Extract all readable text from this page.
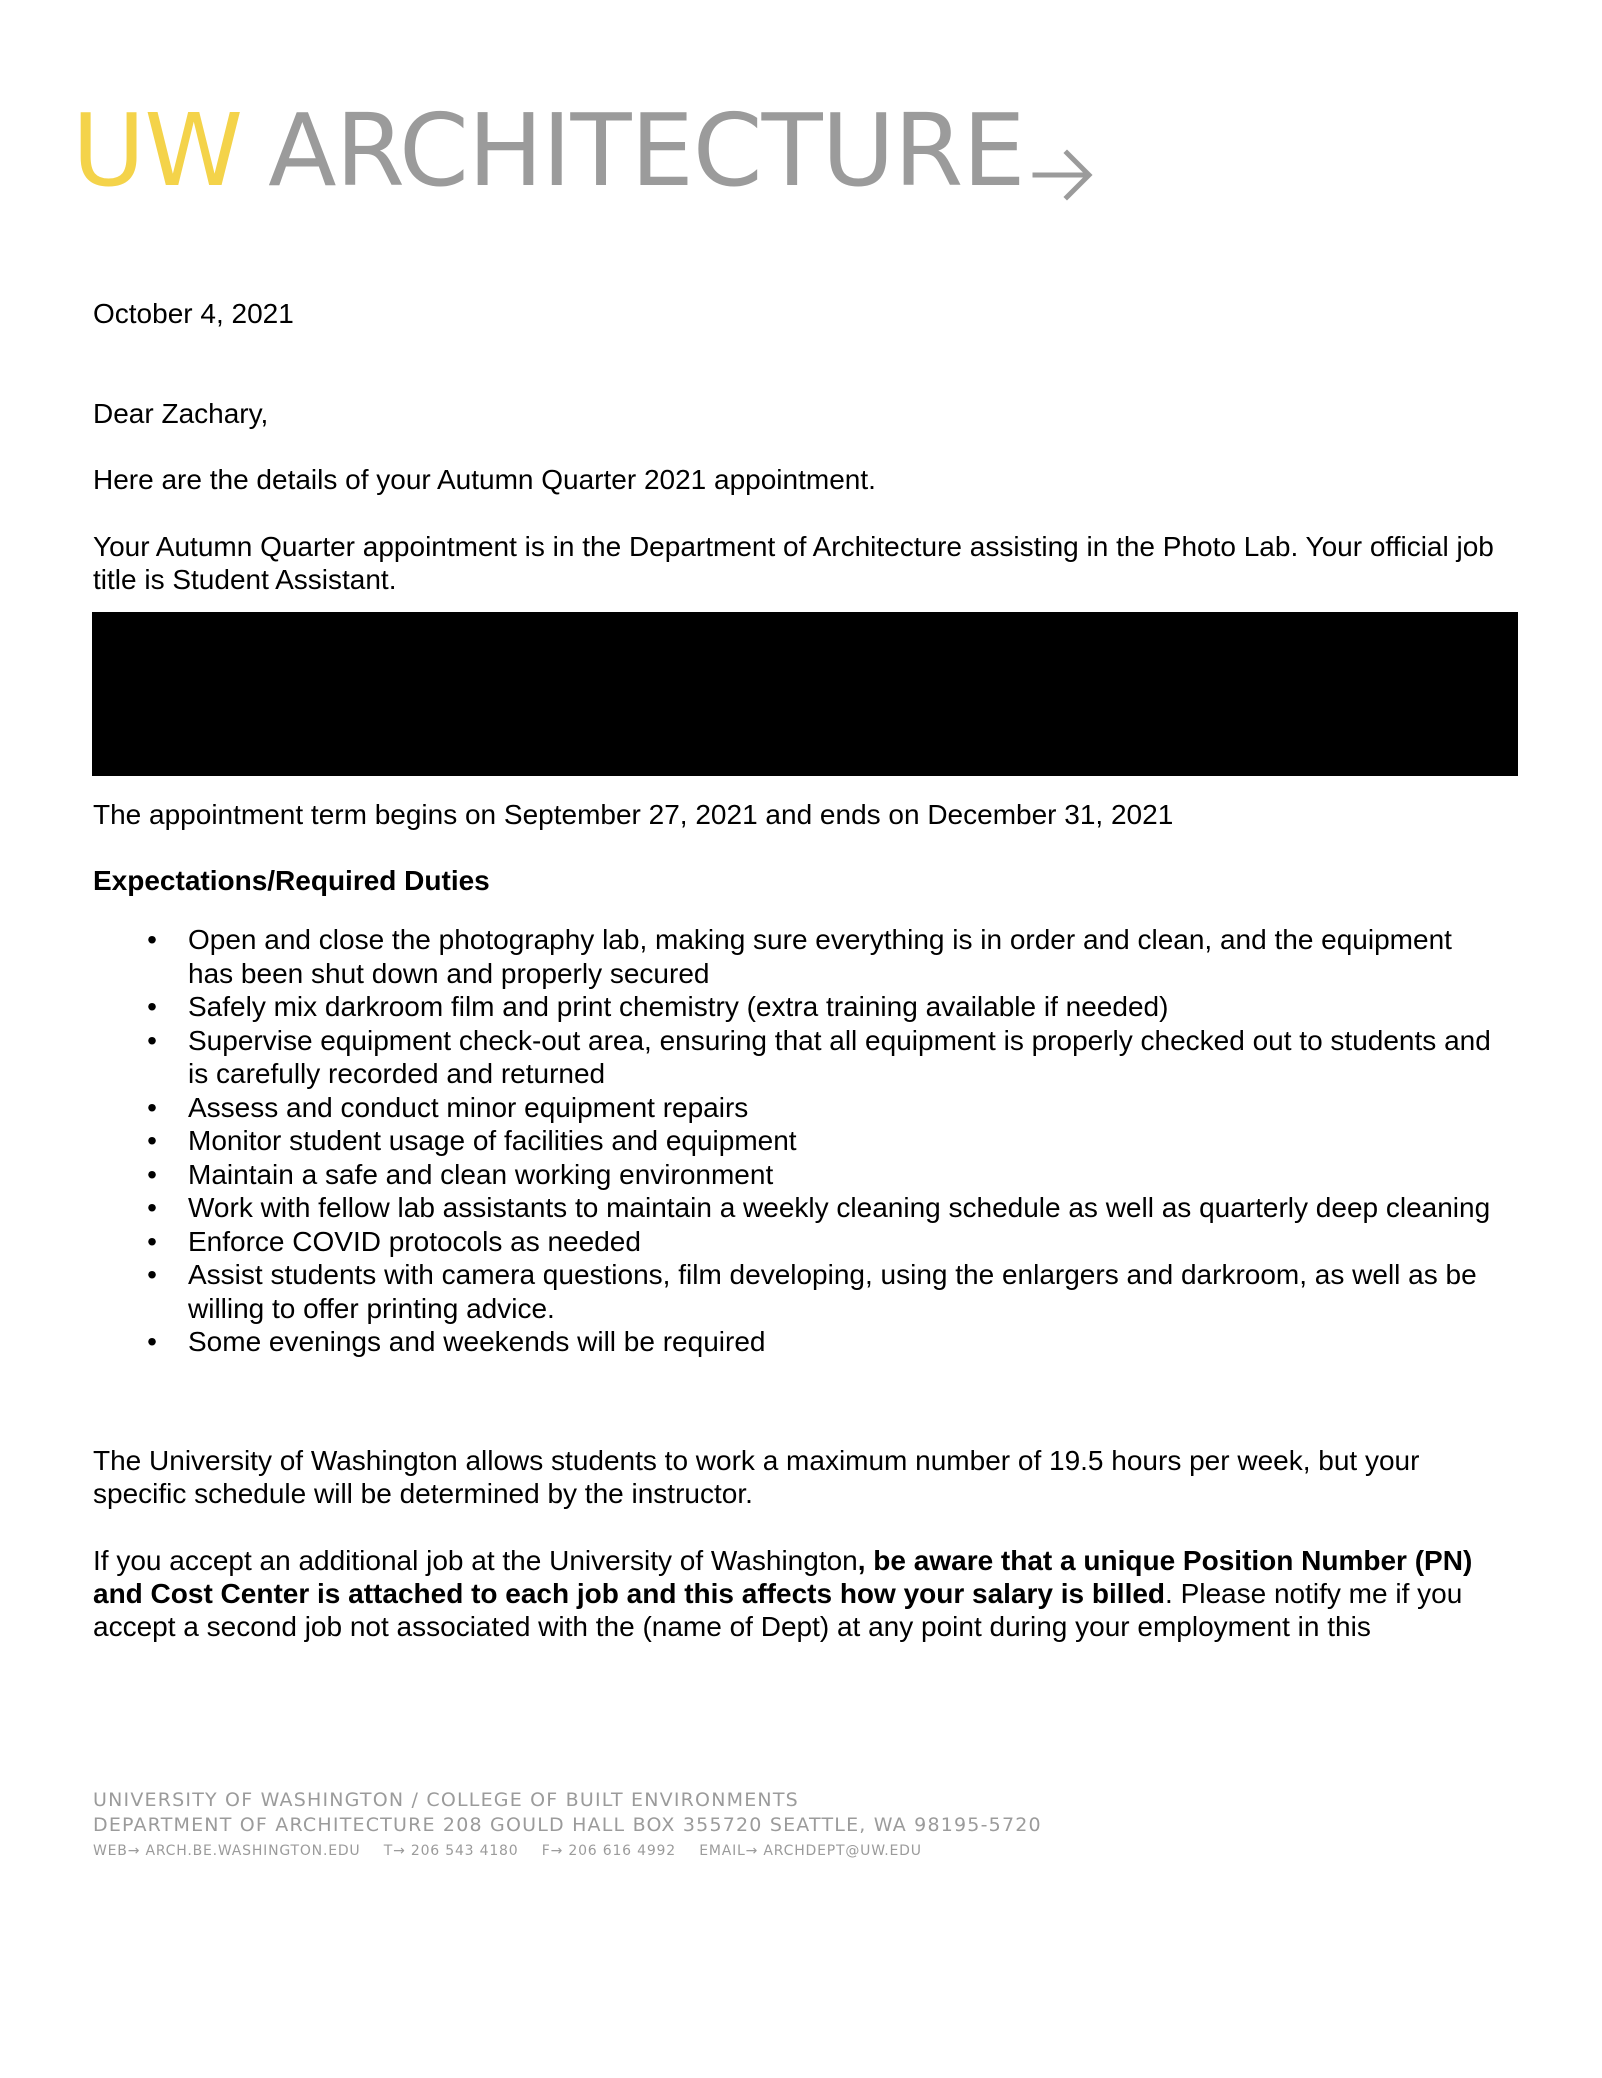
UW ARCHITECTURE
October 4, 2021
Dear Zachary,
Here are the details of your Autumn Quarter 2021 appointment.
Your Autumn Quarter appointment is in the Department of Architecture assisting in the Photo Lab. Your official job title is Student Assistant.
The appointment term begins on September 27, 2021 and ends on December 31, 2021
Expectations/Required Duties
• Open and close the photography lab, making sure everything is in order and clean, and the equipment has been shut down and properly secured
• Safely mix darkroom film and print chemistry (extra training available if needed)
• Supervise equipment check-out area, ensuring that all equipment is properly checked out to students and is carefully recorded and returned
• Assess and conduct minor equipment repairs
• Monitor student usage of facilities and equipment
• Maintain a safe and clean working environment
• Work with fellow lab assistants to maintain a weekly cleaning schedule as well as quarterly deep cleaning
• Enforce COVID protocols as needed
• Assist students with camera questions, film developing, using the enlargers and darkroom, as well as be willing to offer printing advice.
• Some evenings and weekends will be required
The University of Washington allows students to work a maximum number of 19.5 hours per week, but your specific schedule will be determined by the instructor.
If you accept an additional job at the University of Washington, be aware that a unique Position Number (PN) and Cost Center is attached to each job and this affects how your salary is billed. Please notify me if you accept a second job not associated with the (name of Dept) at any point during your employment in this
UNIVERSITY OF WASHINGTON / COLLEGE OF BUILT ENVIRONMENTS
DEPARTMENT OF ARCHITECTURE 208 GOULD HALL BOX 355720 SEATTLE, WA 98195-5720
WEB→ ARCH.BE.WASHINGTON.EDU T→ 206 543 4180 F→ 206 616 4992 EMAIL→ ARCHDEPT@UW.EDU
